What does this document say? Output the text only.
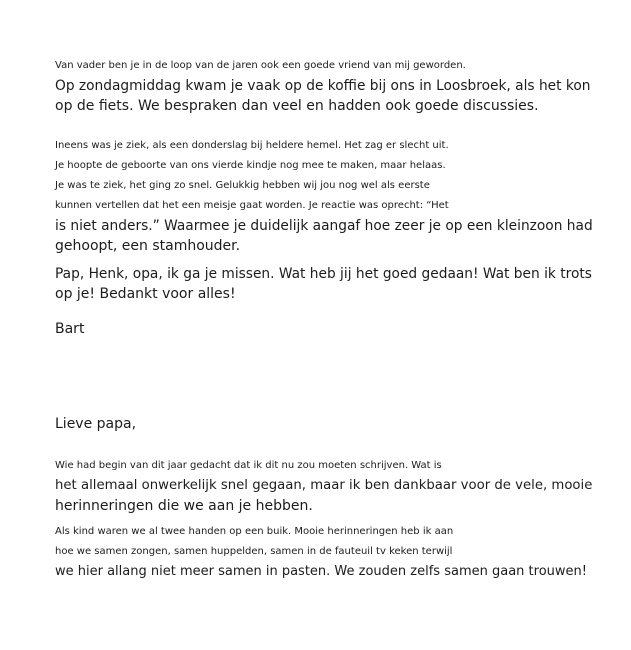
Van vader ben je in de loop van de jaren ook een goede vriend van mij geworden.
Op zondagmiddag kwam je vaak op de koffie bij ons in Loosbroek, als het kon
op de fiets. We bespraken dan veel en hadden ook goede discussies.
Ineens was je ziek, als een donderslag bij heldere hemel. Het zag er slecht uit.
Je hoopte de geboorte van ons vierde kindje nog mee te maken, maar helaas.
Je was te ziek, het ging zo snel. Gelukkig hebben wij jou nog wel als eerste
kunnen vertellen dat het een meisje gaat worden. Je reactie was oprecht: “Het
is niet anders.” Waarmee je duidelijk aangaf hoe zeer je op een kleinzoon had
gehoopt, een stamhouder.
Pap, Henk, opa, ik ga je missen. Wat heb jij het goed gedaan! Wat ben ik trots
op je! Bedankt voor alles!
Bart
Lieve papa,
Wie had begin van dit jaar gedacht dat ik dit nu zou moeten schrijven. Wat is
het allemaal onwerkelijk snel gegaan, maar ik ben dankbaar voor de vele, mooie
herinneringen die we aan je hebben.
Als kind waren we al twee handen op een buik. Mooie herinneringen heb ik aan
hoe we samen zongen, samen huppelden, samen in de fauteuil tv keken terwijl
we hier allang niet meer samen in pasten. We zouden zelfs samen gaan trouwen!
